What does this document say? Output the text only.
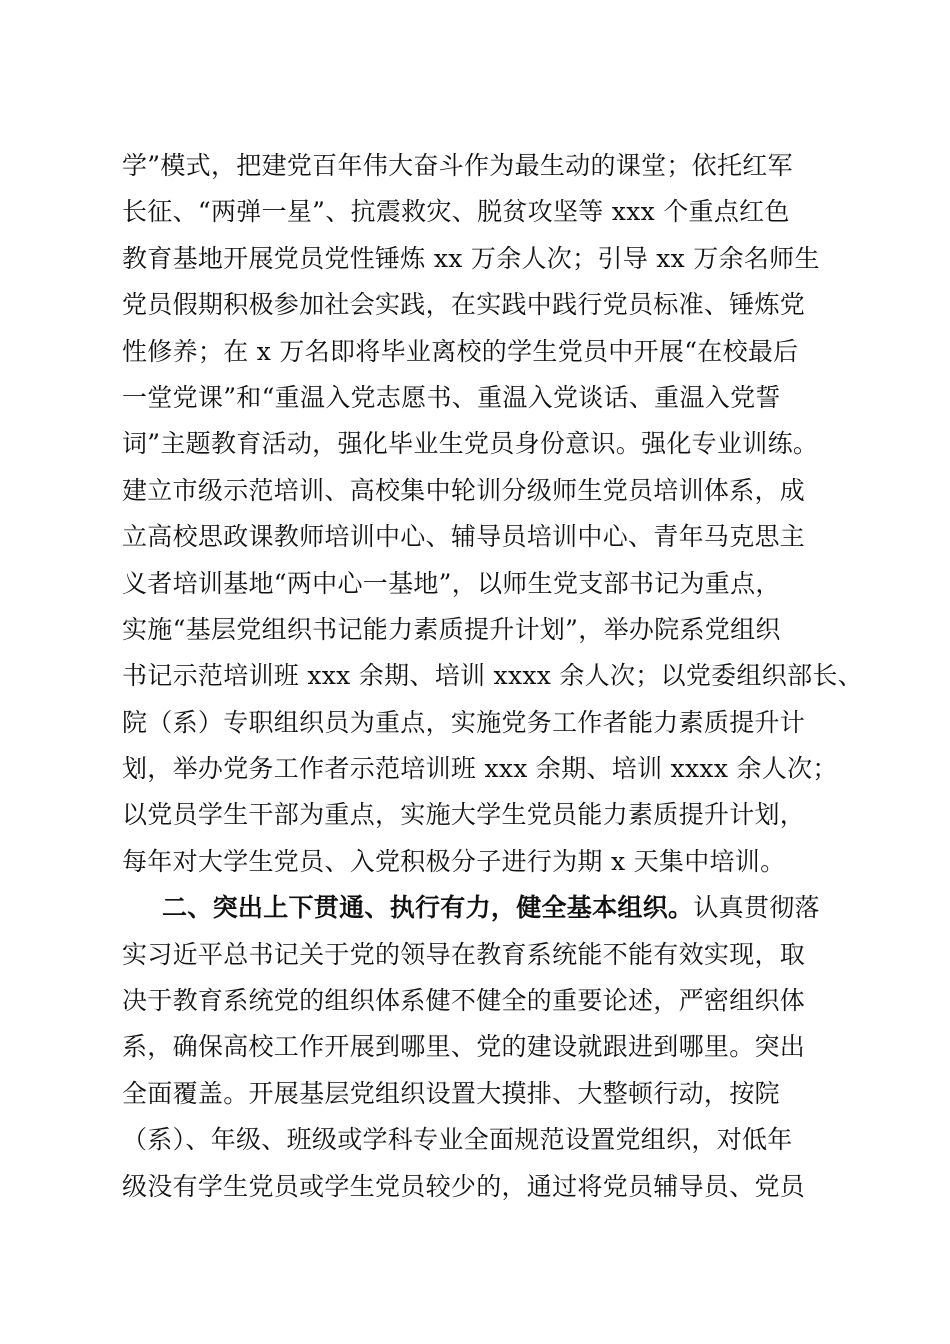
学”模式，把建党百年伟大奋斗作为最生动的课堂；依托红军
长征、“两弹一星”、抗震救灾、脱贫攻坚等 xxx 个重点红色
教育基地开展党员党性锤炼 xx 万余人次；引导 xx 万余名师生
党员假期积极参加社会实践，在实践中践行党员标准、锤炼党
性修养；在 x 万名即将毕业离校的学生党员中开展“在校最后
一堂党课”和“重温入党志愿书、重温入党谈话、重温入党誓
词”主题教育活动，强化毕业生党员身份意识。强化专业训练。
建立市级示范培训、高校集中轮训分级师生党员培训体系，成
立高校思政课教师培训中心、辅导员培训中心、青年马克思主
义者培训基地“两中心一基地”，以师生党支部书记为重点，
实施“基层党组织书记能力素质提升计划”，举办院系党组织
书记示范培训班 xxx 余期、培训 xxxx 余人次；以党委组织部长、
院（系）专职组织员为重点，实施党务工作者能力素质提升计
划，举办党务工作者示范培训班 xxx 余期、培训 xxxx 余人次；
以党员学生干部为重点，实施大学生党员能力素质提升计划，
每年对大学生党员、入党积极分子进行为期 x 天集中培训。
二、突出上下贯通、执行有力，健全基本组织。认真贯彻落
实习近平总书记关于党的领导在教育系统能不能有效实现，取
决于教育系统党的组织体系健不健全的重要论述，严密组织体
系，确保高校工作开展到哪里、党的建设就跟进到哪里。突出
全面覆盖。开展基层党组织设置大摸排、大整顿行动，按院
（系）、年级、班级或学科专业全面规范设置党组织，对低年
级没有学生党员或学生党员较少的，通过将党员辅导员、党员
